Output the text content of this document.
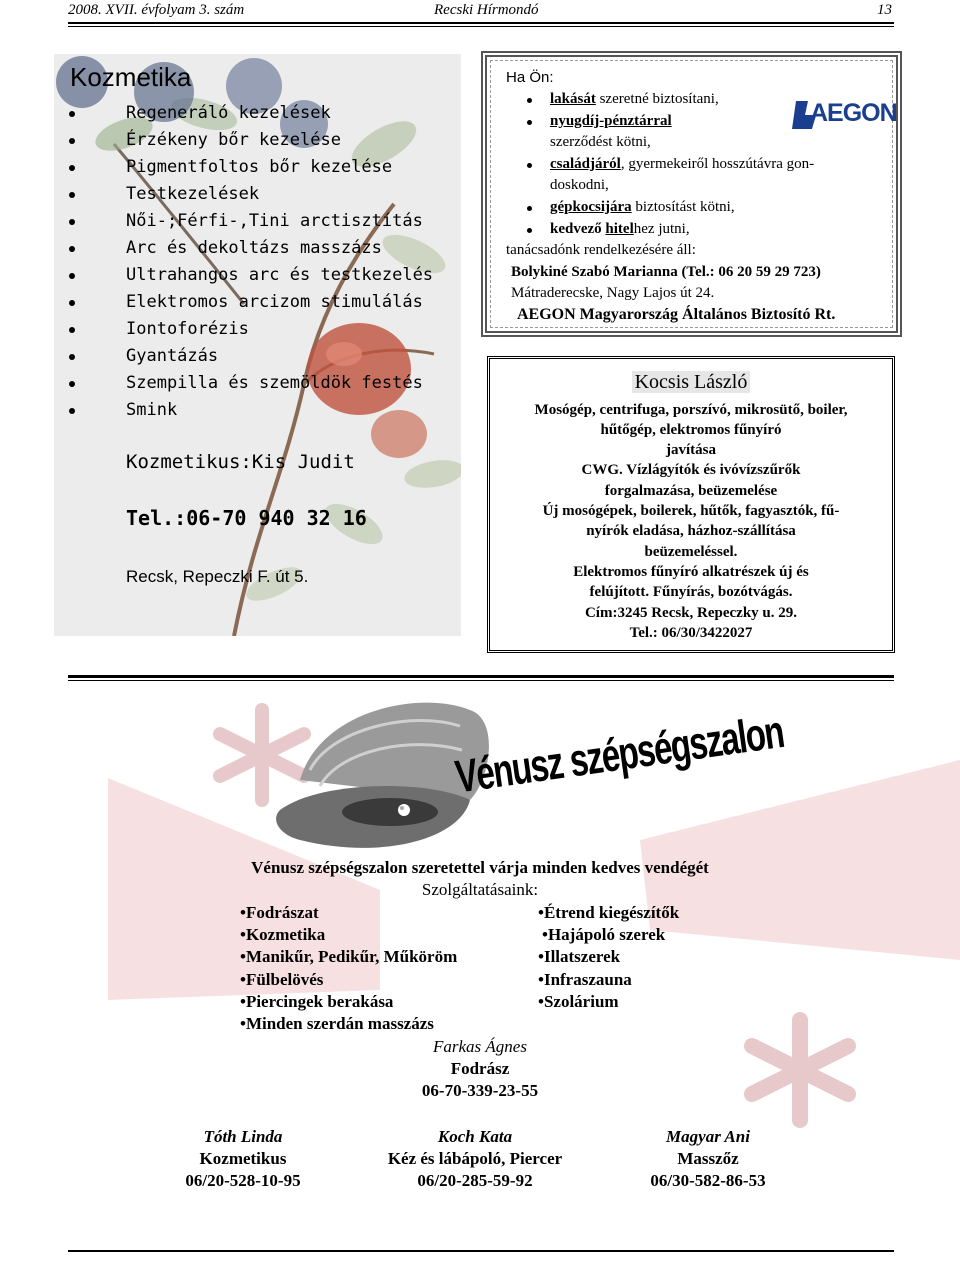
2008. XVII. évfolyam 3. szám	Recski Hírmondó	13
Kozmetika
Regeneráló kezelések
Érzékeny bőr kezelése
Pigmentfoltos bőr kezelése
Testkezelések
Női-;Férfi-,Tini arctisztítás
Arc és dekoltázs masszázs
Ultrahangos arc és testkezelés
Elektromos arcizom stimulálás
Iontoforézis
Gyantázás
Szempilla és szemöldök festés
Smink
Kozmetikus:Kis Judit
Tel.:06-70 940 32 16
Recsk, Repeczki F. út 5.
Ha Ön:
lakását szeretné biztosítani,
nyugdíj-pénztárral
szerződést kötni,
családjáról, gyermekeiről hosszútávra gon-
doskodni,
gépkocsijára biztosítást kötni,
kedvező hitelhez jutni,
tanácsadónk rendelkezésére áll:
Bolykiné Szabó Marianna (Tel.: 06 20 59 29 723)
Mátraderecske, Nagy Lajos út 24.
AEGON Magyarország Általános Biztosító Rt.
AEGON
Kocsis László
Mosógép, centrifuga, porszívó, mikrosütő, boiler,
hűtőgép, elektromos fűnyíró
javítása
CWG. Vízlágyítók és ivóvízszűrők
forgalmazása, beüzemelése
Új mosógépek, boilerek, hűtők, fagyasztók, fű-
nyírók eladása, házhoz-szállítása
beüzemeléssel.
Elektromos fűnyíró alkatrészek új és
felújított. Fűnyírás, bozótvágás.
Cím:3245 Recsk, Repeczky u. 29.
Tel.: 06/30/3422027
Vénusz szépségszalon
Vénusz szépségszalon szeretettel várja minden kedves vendégét
Szolgáltatásaink:
•Fodrászat
•Kozmetika
•Manikűr, Pedikűr, Műköröm
•Fülbelövés
•Piercingek berakása
•Minden szerdán masszázs
•Étrend kiegészítők
•Hajápoló szerek
•Illatszerek
•Infraszauna
•Szolárium
Farkas Ágnes
Fodrász
06-70-339-23-55
Tóth Linda
Kozmetikus
06/20-528-10-95
Koch Kata
Kéz és lábápoló, Piercer
06/20-285-59-92
Magyar Ani
Masszőz
06/30-582-86-53
